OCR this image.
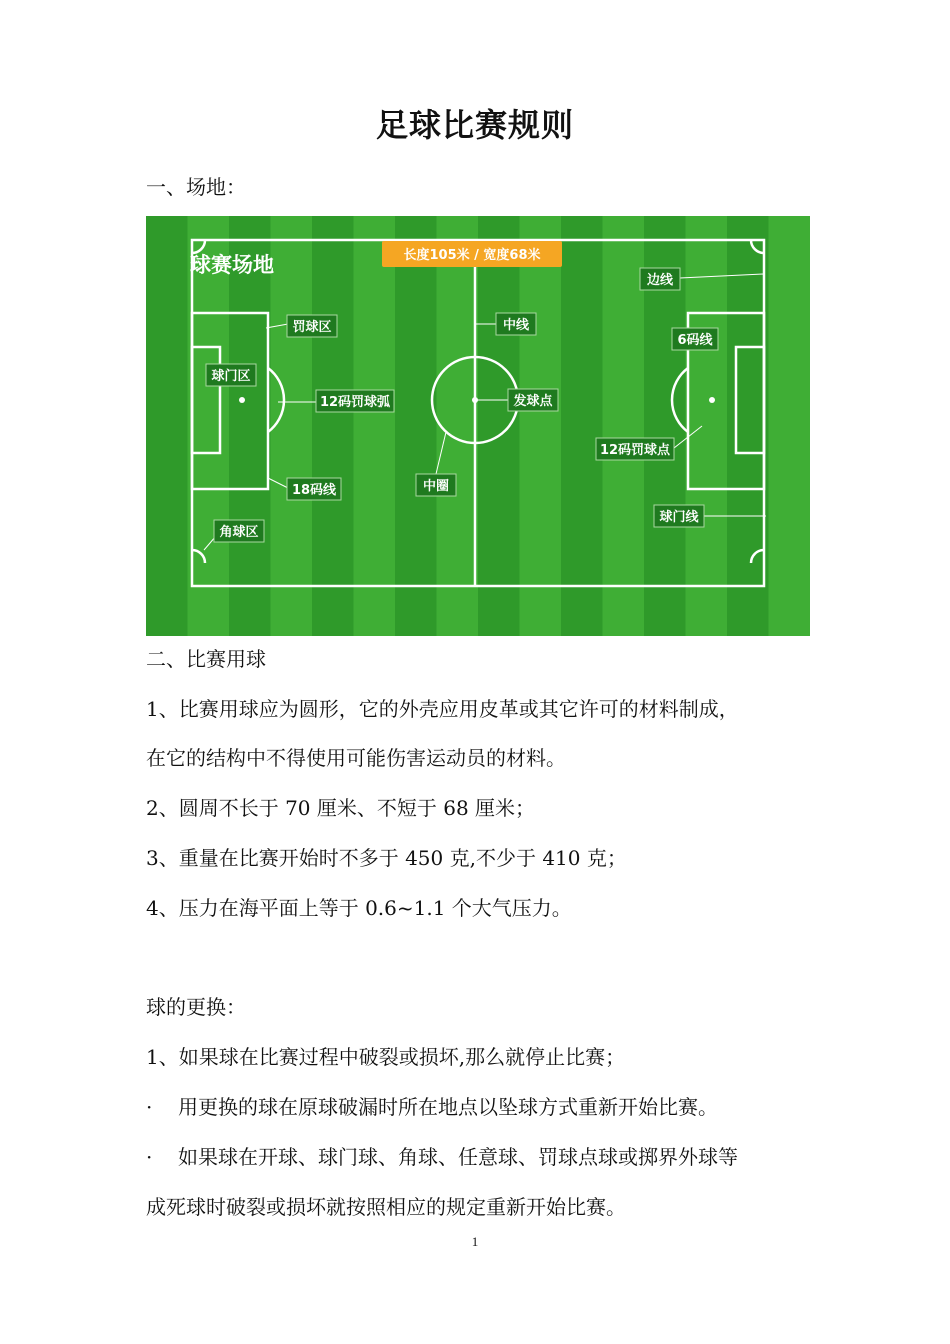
足球比赛规则

一、场地：

球赛场地	长度105米 / 宽度68米
罚球区
球门区
12码罚球弧
18码线
角球区
中线
发球点
中圈
边线
6码线
12码罚球点
球门线

二、比赛用球

1、比赛用球应为圆形，它的外壳应用皮革或其它许可的材料制成，

在它的结构中不得使用可能伤害运动员的材料。

2、圆周不长于 70 厘米、不短于 68 厘米；

3、重量在比赛开始时不多于 450 克,不少于 410 克；

4、压力在海平面上等于 0.6~1.1 个大气压力。

球的更换：

1、如果球在比赛过程中破裂或损坏,那么就停止比赛；

· 用更换的球在原球破漏时所在地点以坠球方式重新开始比赛。
· 如果球在开球、球门球、角球、任意球、罚球点球或掷界外球等

成死球时破裂或损坏就按照相应的规定重新开始比赛。

1
